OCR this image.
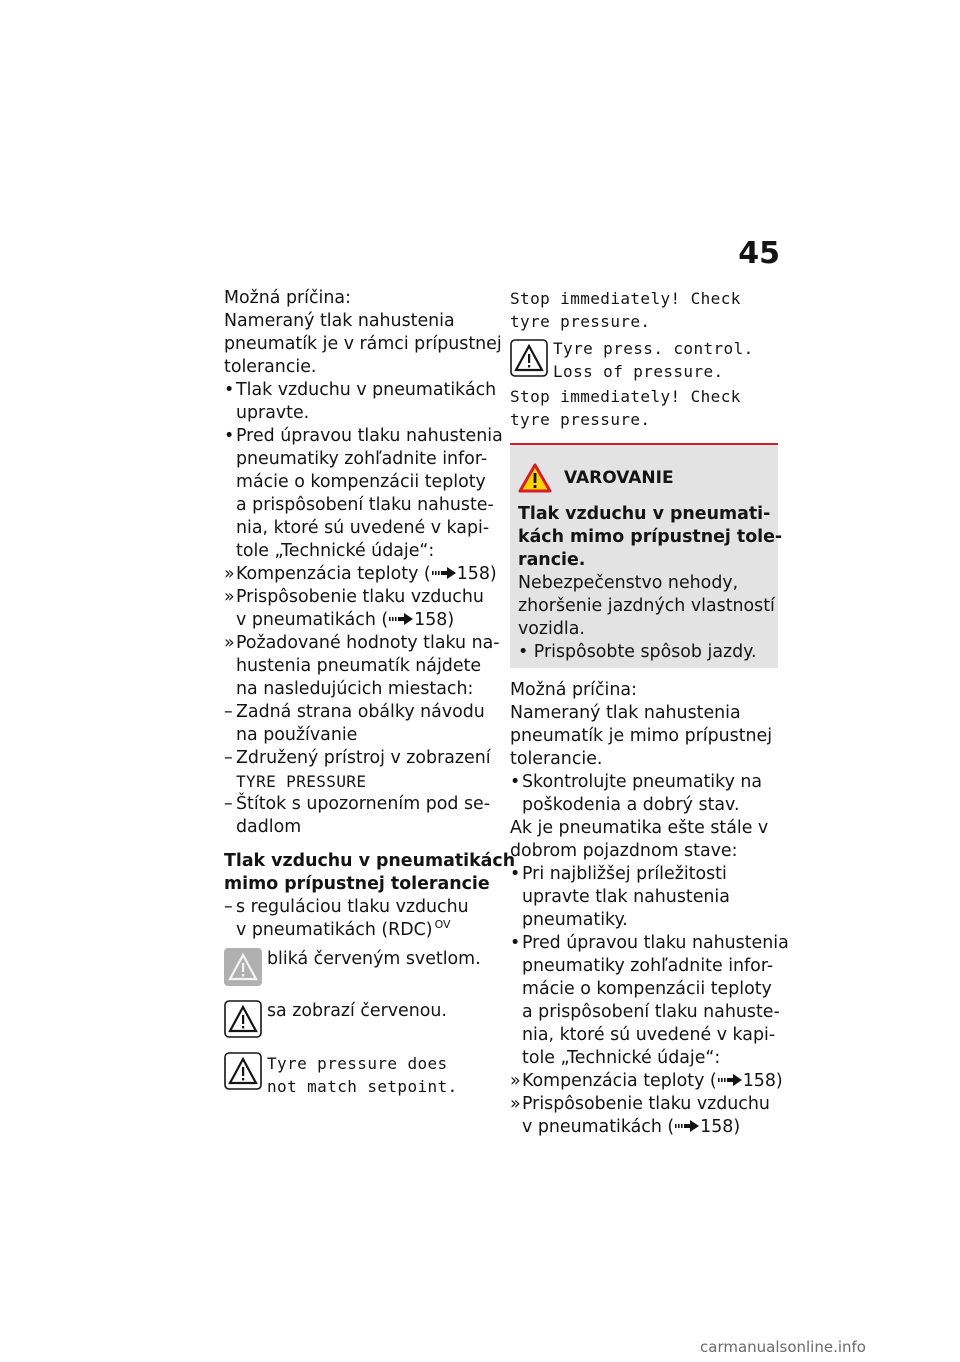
45
Možná príčina:
Nameraný tlak nahustenia
pneumatík je v rámci prípustnej
tolerancie.
•Tlak vzduchu v pneumatikách
upravte.
•Pred úpravou tlaku nahustenia
pneumatiky zohľadnite infor-
mácie o kompenzácii teploty
a prispôsobení tlaku nahuste-
nia, ktoré sú uvedené v kapi-
tole „Technické údaje“:
»Kompenzácia teploty ( 158)
»Prispôsobenie tlaku vzduchu
v pneumatikách ( 158)
»Požadované hodnoty tlaku na-
hustenia pneumatík nájdete
na nasledujúcich miestach:
– Zadná strana obálky návodu
na používanie
– Združený prístroj v zobrazení
TYRE PRESSURE
– Štítok s upozornením pod se-
dadlom
Tlak vzduchu v pneumatikách
mimo prípustnej tolerancie
– s reguláciou tlaku vzduchu
v pneumatikách (RDC) $^{OV}$
bliká červeným svetlom.
sa zobrazí červenou.
Tyre pressure does
not match setpoint.
Stop immediately! Check
tyre pressure.
Tyre press. control.
Loss of pressure.
Stop immediately! Check
tyre pressure.
VAROVANIE
Tlak vzduchu v pneumati-
kách mimo prípustnej tole-
rancie.
Nebezpečenstvo nehody,
zhoršenie jazdných vlastností
vozidla.
• Prispôsobte spôsob jazdy.
Možná príčina:
Nameraný tlak nahustenia
pneumatík je mimo prípustnej
tolerancie.
•Skontrolujte pneumatiky na
poškodenia a dobrý stav.
Ak je pneumatika ešte stále v
dobrom pojazdnom stave:
•Pri najbližšej príležitosti
upravte tlak nahustenia
pneumatiky.
•Pred úpravou tlaku nahustenia
pneumatiky zohľadnite infor-
mácie o kompenzácii teploty
a prispôsobení tlaku nahuste-
nia, ktoré sú uvedené v kapi-
tole „Technické údaje“:
»Kompenzácia teploty ( 158)
»Prispôsobenie tlaku vzduchu
v pneumatikách ( 158)
carmanualsonline.info
